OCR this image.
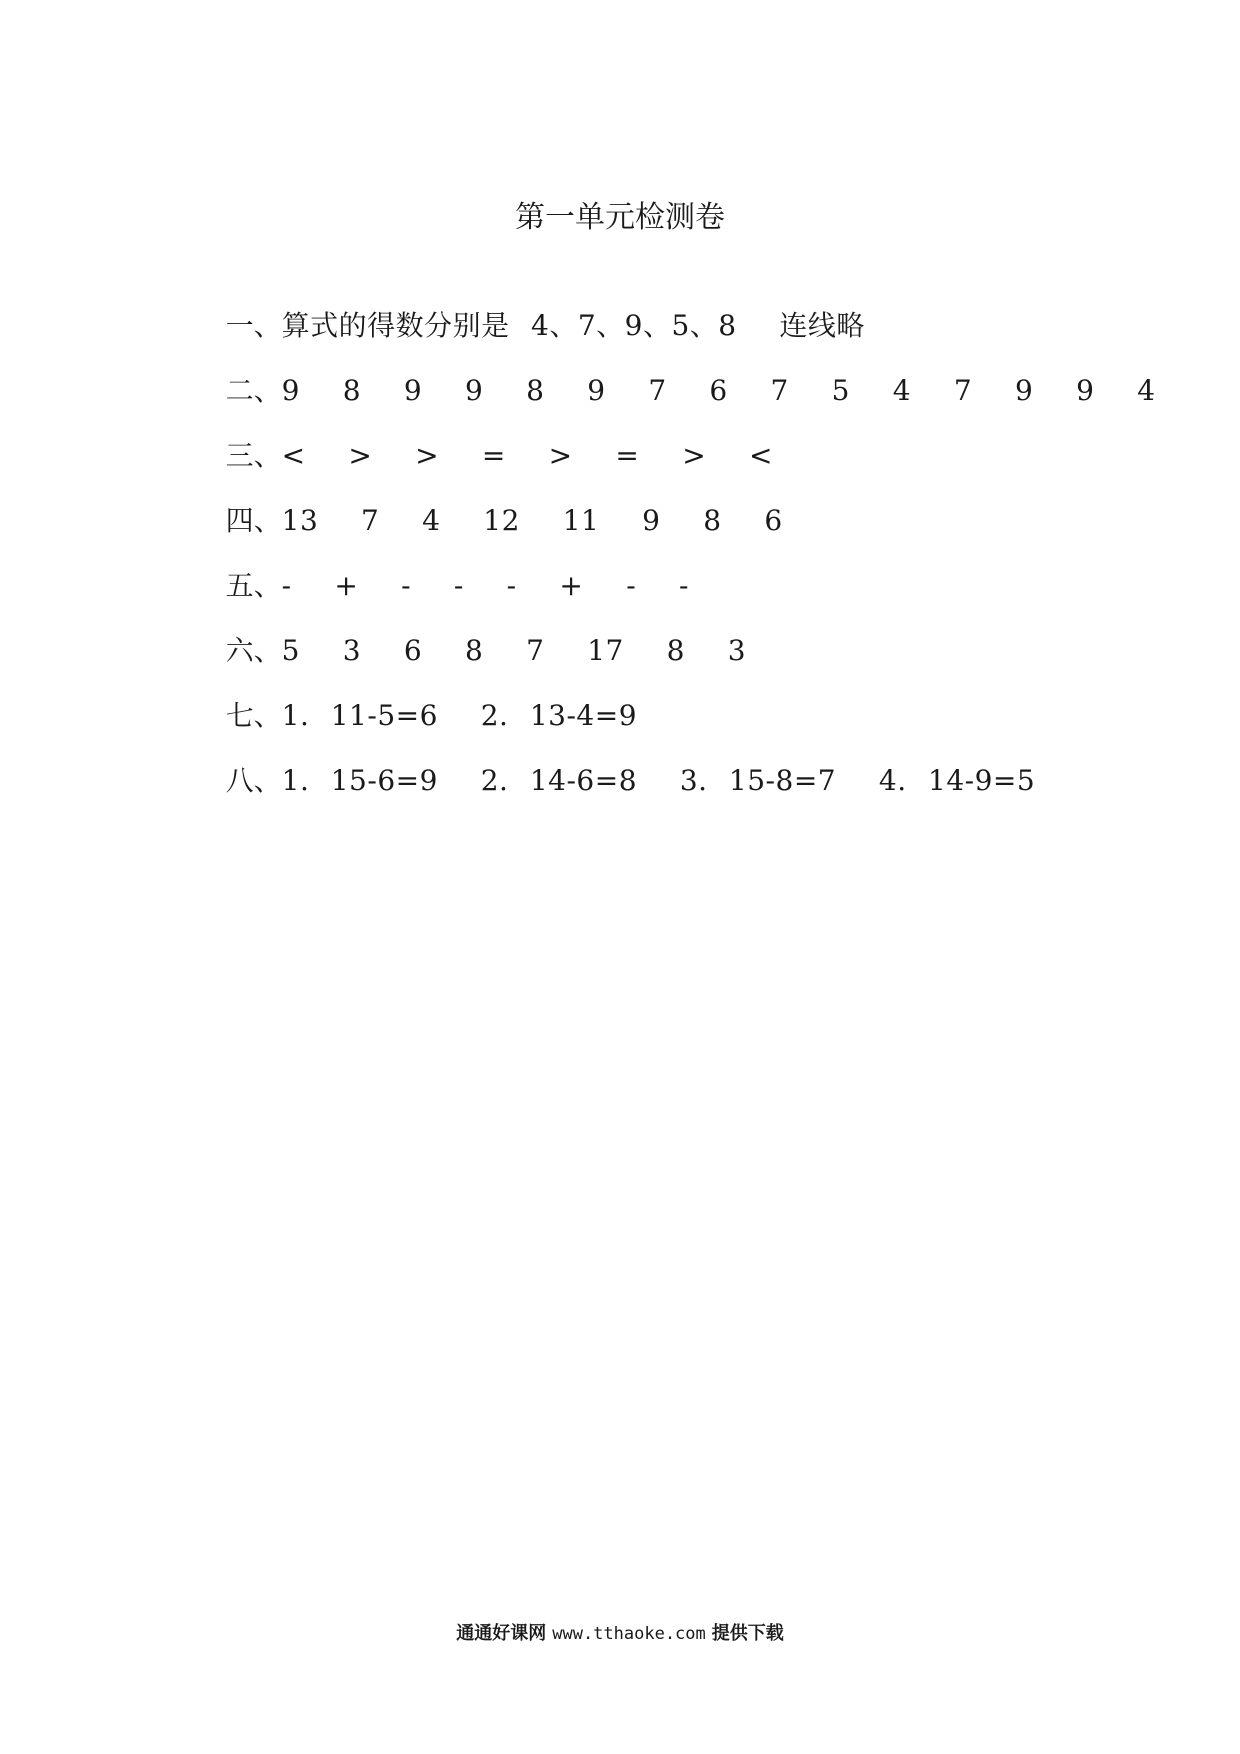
第一单元检测卷

一、算式的得数分别是 4、7、9、5、8  连线略

二、9  8  9  9  8  9  7  6  7  5  4  7  9  9  4

三、<  >  >  =  >  =  >  <

四、13  7  4  12  11  9  8  6

五、-  +  -  -  -  +  -  -

六、5  3  6  8  7  17  8  3

七、1. 11-5=6  2. 13-4=9

八、1. 15-6=9  2. 14-6=8  3. 15-8=7  4. 14-9=5

通通好课网 www.tthaoke.com 提供下载
